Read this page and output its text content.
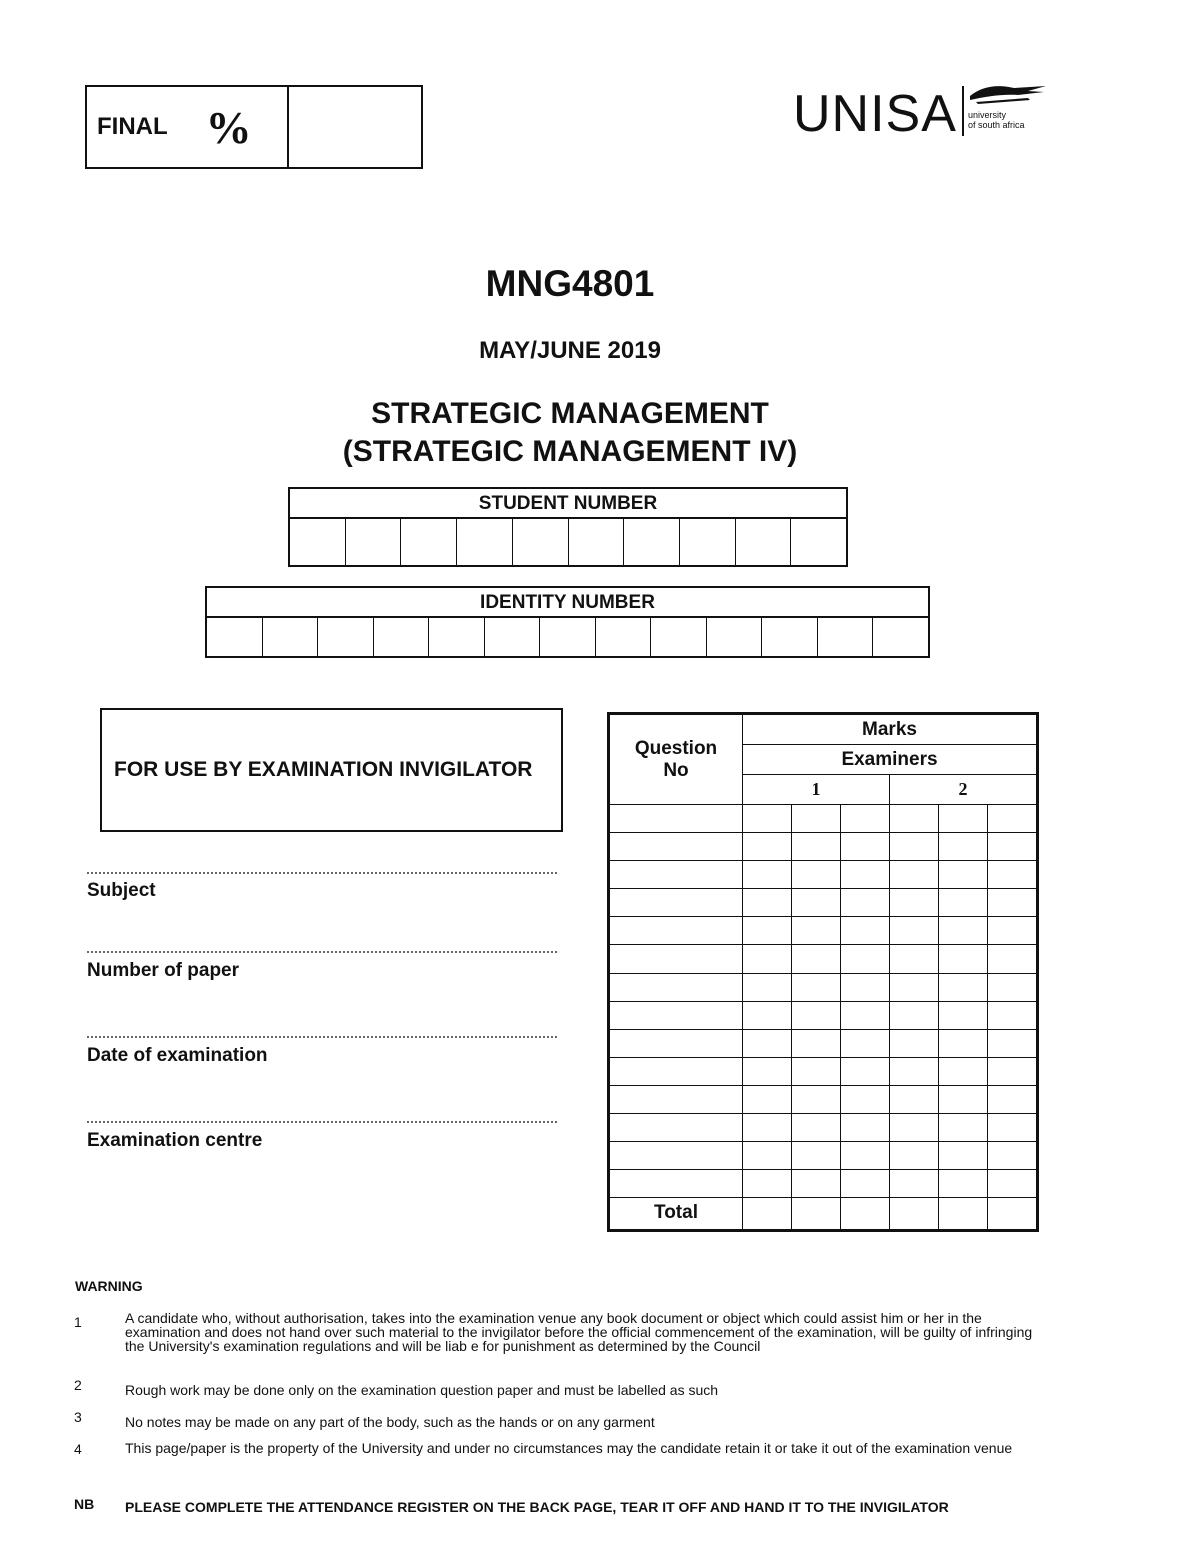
FINAL %	UNISA university
of south africa
MNG4801
MAY/JUNE 2019
STRATEGIC MANAGEMENT
(STRATEGIC MANAGEMENT IV)
STUDENT NUMBER
IDENTITY NUMBER
FOR USE BY EXAMINATION INVIGILATOR
Subject
Number of paper
Date of examination
Examination centre
Question No	Marks					
	Examiners					
	1			2		

Total						
WARNING
1	A candidate who, without authorisation, takes into the examination venue any book document or object which could assist him or her in the examination and does not hand over such material to the invigilator before the official commencement of the examination, will be guilty of infringing the University's examination regulations and will be liab e for punishment as determined by the Council
2	Rough work may be done only on the examination question paper and must be labelled as such
3	No notes may be made on any part of the body, such as the hands or on any garment
4	This page/paper is the property of the University and under no circumstances may the candidate retain it or take it out of the examination venue
NB PLEASE COMPLETE THE ATTENDANCE REGISTER ON THE BACK PAGE, TEAR IT OFF AND HAND IT TO THE INVIGILATOR
